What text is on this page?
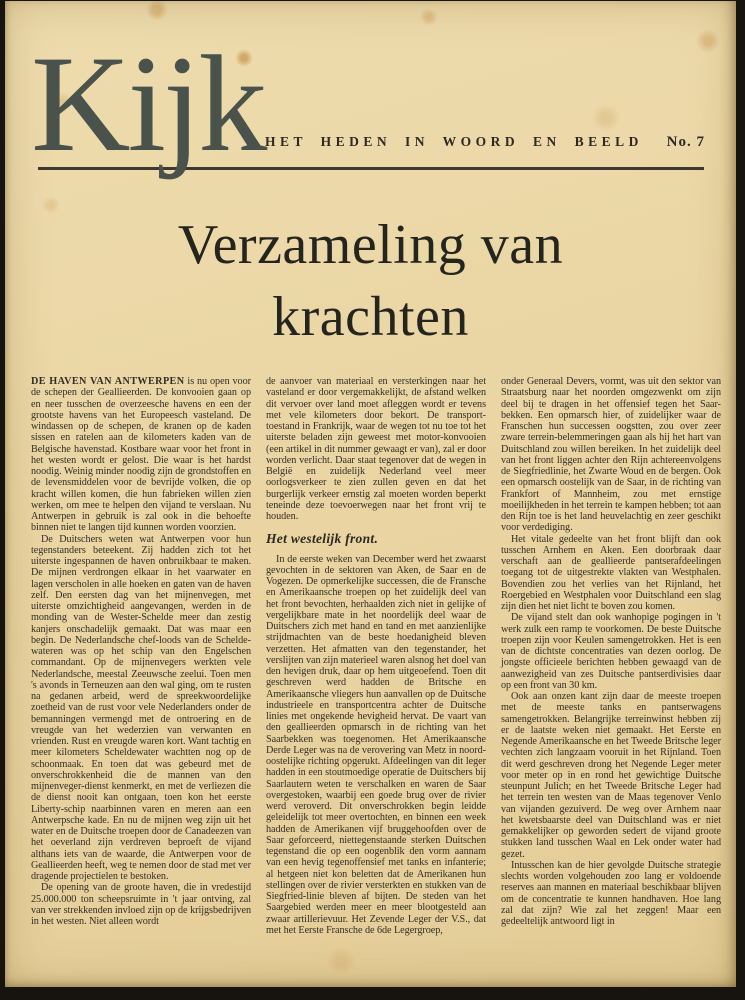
Kijk HET HEDEN IN WOORD EN BEELD No. 7
Verzameling van
krachten

DE HAVEN VAN ANTWERPEN is nu open voor de schepen der Geallieerden. De konvooien gaan op en neer tusschen de overzeesche havens en een der grootste havens van het Europeesch vasteland. De windassen op de schepen, de kranen op de kaden sissen en ratelen aan de kilometers kaden van de Belgische havenstad. Kostbare waar voor het front in het westen wordt er gelost. Die waar is het hardst noodig. Weinig minder noodig zijn de grondstoffen en de levensmiddelen voor de bevrijde volken, die op kracht willen komen, die hun fabrieken willen zien werken, om mee te helpen den vijand te verslaan. Nu Antwerpen in gebruik is zal ook in die behoefte binnen niet te langen tijd kunnen worden voorzien.

De Duitschers weten wat Antwerpen voor hun tegenstanders beteekent. Zij hadden zich tot het uiterste ingespannen de haven onbruikbaar te maken. De mijnen verdrongen elkaar in het vaarwater en lagen verscholen in alle hoeken en gaten van de haven zelf. Den eersten dag van het mijnenvegen, met uiterste omzichtigheid aangevangen, werden in de monding van de Wester-Schelde meer dan zestig kanjers onschadelijk gemaakt. Dat was maar een begin. De Nederlandsche chef-loods van de Schelde-wateren was op het schip van den Engelschen commandant. Op de mijnenvegers werkten vele Nederlandsche, meestal Zeeuwsche zeelui. Toen men 's avonds in Terneuzen aan den wal ging, om te rusten na gedanen arbeid, werd de spreekwoordelijke zoetheid van de rust voor vele Nederlanders onder de bemanningen vermengd met de ontroering en de vreugde van het wederzien van verwanten en vrienden. Rust en vreugde waren kort. Want tachtig en meer kilometers Scheldewater wachtten nog op de schoonmaak. En toen dat was gebeurd met de onverschrokkenheid die de mannen van den mijnenveger-dienst kenmerkt, en met de verliezen die de dienst nooit kan ontgaan, toen kon het eerste Liberty-schip naarbinnen varen en meren aan een Antwerpsche kade. En nu de mijnen weg zijn uit het water en de Duitsche troepen door de Canadeezen van het oeverland zijn verdreven beproeft de vijand althans iets van de waarde, die Antwerpen voor de Geallieerden heeft, weg te nemen door de stad met ver dragende projectielen te bestoken.

De opening van de groote haven, die in vredestijd 25.000.000 ton scheepsruimte in 't jaar ontving, zal van ver strekkenden invloed zijn op de krijgsbedrijven in het westen. Niet alleen wordt

de aanvoer van materiaal en versterkingen naar het vasteland er door vergemakkelijkt, de afstand welken dit vervoer over land moet afleggen wordt er tevens met vele kilometers door bekort. De transport-toestand in Frankrijk, waar de wegen tot nu toe tot het uiterste beladen zijn geweest met motor-konvooien (een artikel in dit nummer gewaagt er van), zal er door worden verlicht. Daar staat tegenover dat de wegen in België en zuidelijk Nederland veel meer oorlogsverkeer te zien zullen geven en dat het burgerlijk verkeer ernstig zal moeten worden beperkt teneinde deze toevoerwegen naar het front vrij te houden.

Het westelijk front.

In de eerste weken van December werd het zwaarst gevochten in de sektoren van Aken, de Saar en de Vogezen. De opmerkelijke successen, die de Fransche en Amerikaansche troepen op het zuidelijk deel van het front bevochten, herhaalden zich niet in gelijke of vergelijkbare mate in het noordelijk deel waar de Duitschers zich met hand en tand en met aanzienlijke strijdmachten van de beste hoedanigheid bleven verzetten. Het afmatten van den tegenstander, het verslijten van zijn materieel waren alsnog het doel van den hevigen druk, daar op hem uitgeoefend. Toen dit geschreven werd hadden de Britsche en Amerikaansche vliegers hun aanvallen op de Duitsche industrieele en transportcentra achter de Duitsche linies met ongekende hevigheid hervat. De vaart van den geallieerden opmarsch in de richting van het Saarbekken was toegenomen. Het Amerikaansche Derde Leger was na de verovering van Metz in noord-oostelijke richting opgerukt. Afdeelingen van dit leger hadden in een stoutmoedige operatie de Duitschers bij Saarlautern weten te verschalken en waren de Saar overgestoken, waarbij een goede brug over de rivier werd veroverd. Dit onverschrokken begin leidde geleidelijk tot meer overtochten, en binnen een week hadden de Amerikanen vijf bruggehoofden over de Saar geforceerd, niettegenstaande sterken Duitschen tegenstand die op een oogenblik den vorm aannam van een hevig tegenoffensief met tanks en infanterie; al hetgeen niet kon beletten dat de Amerikanen hun stellingen over de rivier versterkten en stukken van de Siegfried-linie bleven af bijten. De steden van het Saargebied werden meer en meer blootgesteld aan zwaar artillerievuur. Het Zevende Leger der V.S., dat met het Eerste Fransche de 6de Legergroep,

onder Generaal Devers, vormt, was uit den sektor van Straatsburg naar het noorden omgezwenkt om zijn deel bij te dragen in het offensief tegen het Saar-bekken. Een opmarsch hier, of zuidelijker waar de Franschen hun successen oogstten, zou over zeer zware terrein-belemmeringen gaan als hij het hart van Duitschland zou willen bereiken. In het zuidelijk deel van het front liggen achter den Rijn achtereenvolgens de Siegfriedlinie, het Zwarte Woud en de bergen. Ook een opmarsch oostelijk van de Saar, in de richting van Frankfort of Mannheim, zou met ernstige moeilijkheden in het terrein te kampen hebben; tot aan den Rijn toe is het land heuvelachtig en zeer geschikt voor verdediging.

Het vitale gedeelte van het front blijft dan ook tusschen Arnhem en Aken. Een doorbraak daar verschaft aan de geallieerde pantserafdeelingen toegang tot de uitgestrekte vlakten van Westphalen. Bovendien zou het verlies van het Rijnland, het Roergebied en Westphalen voor Duitschland een slag zijn dien het niet licht te boven zou komen.

De vijand stelt dan ook wanhopige pogingen in 't werk zulk een ramp te voorkomen. De beste Duitsche troepen zijn voor Keulen samengetrokken. Het is een van de dichtste concentraties van dezen oorlog. De jongste officieele berichten hebben gewaagd van de aanwezigheid van zes Duitsche pantserdivisies daar op een front van 30 km.

Ook aan onzen kant zijn daar de meeste troepen met de meeste tanks en pantserwagens samengetrokken. Belangrijke terreinwinst hebben zij er de laatste weken niet gemaakt. Het Eerste en Negende Amerikaansche en het Tweede Britsche leger vechten zich langzaam vooruit in het Rijnland. Toen dit werd geschreven drong het Negende Leger meter voor meter op in en rond het gewichtige Duitsche steunpunt Julich; en het Tweede Britsche Leger had het terrein ten westen van de Maas tegenover Venlo van vijanden gezuiverd. De weg over Arnhem naar het kwetsbaarste deel van Duitschland was er niet gemakkelijker op geworden sedert de vijand groote stukken land tusschen Waal en Lek onder water had gezet.

Intusschen kan de hier gevolgde Duitsche strategie slechts worden volgehouden zoo lang er voldoende reserves aan mannen en materiaal beschikbaar blijven om de concentratie te kunnen handhaven. Hoe lang zal dat zijn? Wie zal het zeggen! Maar een gedeeltelijk antwoord ligt in
